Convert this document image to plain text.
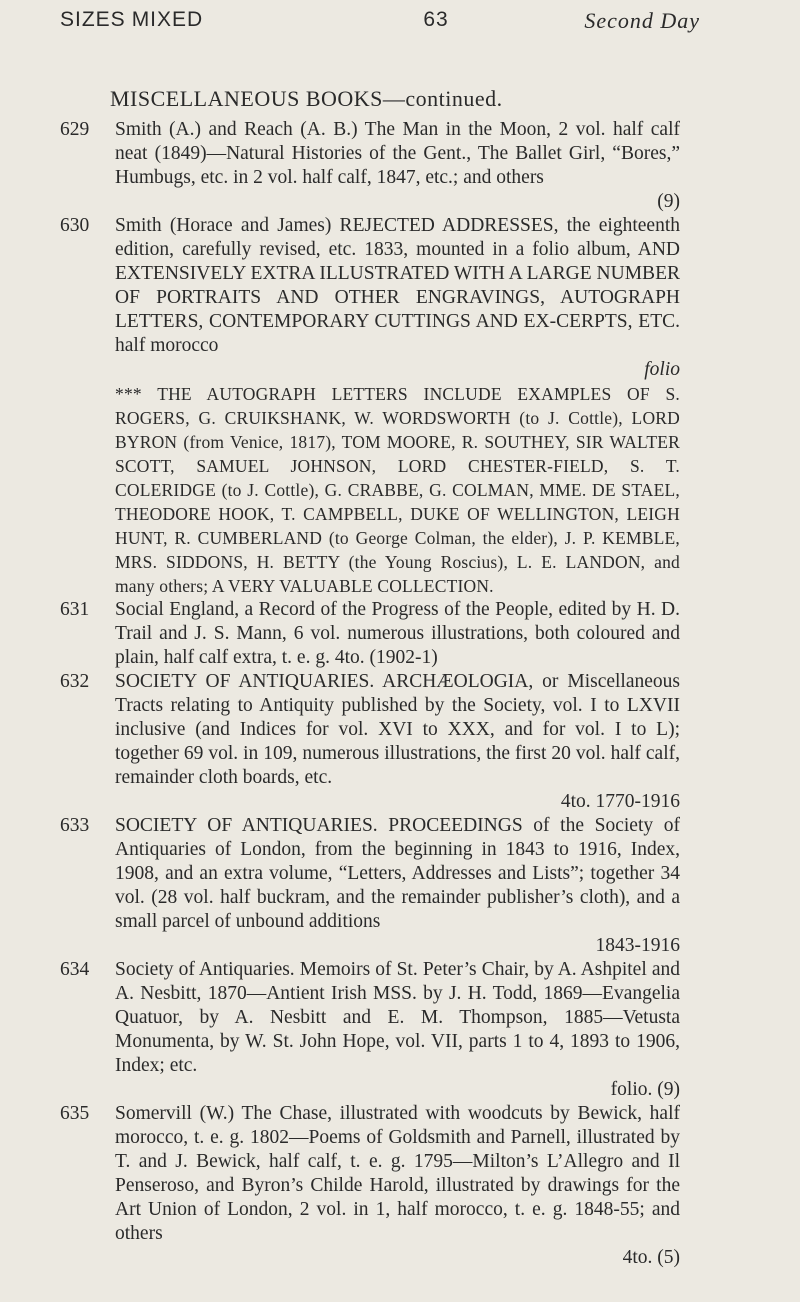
SIZES MIXED	63	Second Day
MISCELLANEOUS BOOKS—continued.
629	Smith (A.) and Reach (A. B.) The Man in the Moon, 2 vol. half calf neat (1849)—Natural Histories of the Gent., The Ballet Girl, “Bores,” Humbugs, etc. in 2 vol. half calf, 1847, etc.; and others
(9)

630	Smith (Horace and James) REJECTED ADDRESSES, the eighteenth edition, carefully revised, etc. 1833, mounted in a folio album, AND EXTENSIVELY EXTRA ILLUSTRATED WITH A LARGE NUMBER OF PORTRAITS AND OTHER ENGRAVINGS, AUTOGRAPH LETTERS, CONTEMPORARY CUTTINGS AND EX-CERPTS, ETC. half morocco
folio

*** THE AUTOGRAPH LETTERS INCLUDE EXAMPLES OF S. ROGERS, G. CRUIKSHANK, W. WORDSWORTH (to J. Cottle), LORD BYRON (from Venice, 1817), TOM MOORE, R. SOUTHEY, SIR WALTER SCOTT, SAMUEL JOHNSON, LORD CHESTER-FIELD, S. T. COLERIDGE (to J. Cottle), G. CRABBE, G. COLMAN, MME. DE STAEL, THEODORE HOOK, T. CAMPBELL, DUKE OF WELLINGTON, LEIGH HUNT, R. CUMBERLAND (to George Colman, the elder), J. P. KEMBLE, MRS. SIDDONS, H. BETTY (the Young Roscius), L. E. LANDON, and many others; A VERY VALUABLE COLLECTION.

631	Social England, a Record of the Progress of the People, edited by H. D. Trail and J. S. Mann, 6 vol. numerous illustrations, both coloured and plain, half calf extra, t. e. g. 4to. (1902-1)

632	SOCIETY OF ANTIQUARIES. ARCHÆOLOGIA, or Miscellaneous Tracts relating to Antiquity published by the Society, vol. I to LXVII inclusive (and Indices for vol. XVI to XXX, and for vol. I to L); together 69 vol. in 109, numerous illustrations, the first 20 vol. half calf, remainder cloth boards, etc.
4to. 1770-1916

633	SOCIETY OF ANTIQUARIES. PROCEEDINGS of the Society of Antiquaries of London, from the beginning in 1843 to 1916, Index, 1908, and an extra volume, “Letters, Addresses and Lists”; together 34 vol. (28 vol. half buckram, and the remainder publisher’s cloth), and a small parcel of unbound additions
1843-1916

634	Society of Antiquaries. Memoirs of St. Peter’s Chair, by A. Ashpitel and A. Nesbitt, 1870—Antient Irish MSS. by J. H. Todd, 1869—Evangelia Quatuor, by A. Nesbitt and E. M. Thompson, 1885—Vetusta Monumenta, by W. St. John Hope, vol. VII, parts 1 to 4, 1893 to 1906, Index; etc.
folio. (9)

635	Somervill (W.) The Chase, illustrated with woodcuts by Bewick, half morocco, t. e. g. 1802—Poems of Goldsmith and Parnell, illustrated by T. and J. Bewick, half calf, t. e. g. 1795—Milton’s L’Allegro and Il Penseroso, and Byron’s Childe Harold, illustrated by drawings for the Art Union of London, 2 vol. in 1, half morocco, t. e. g. 1848-55; and others
4to. (5)
